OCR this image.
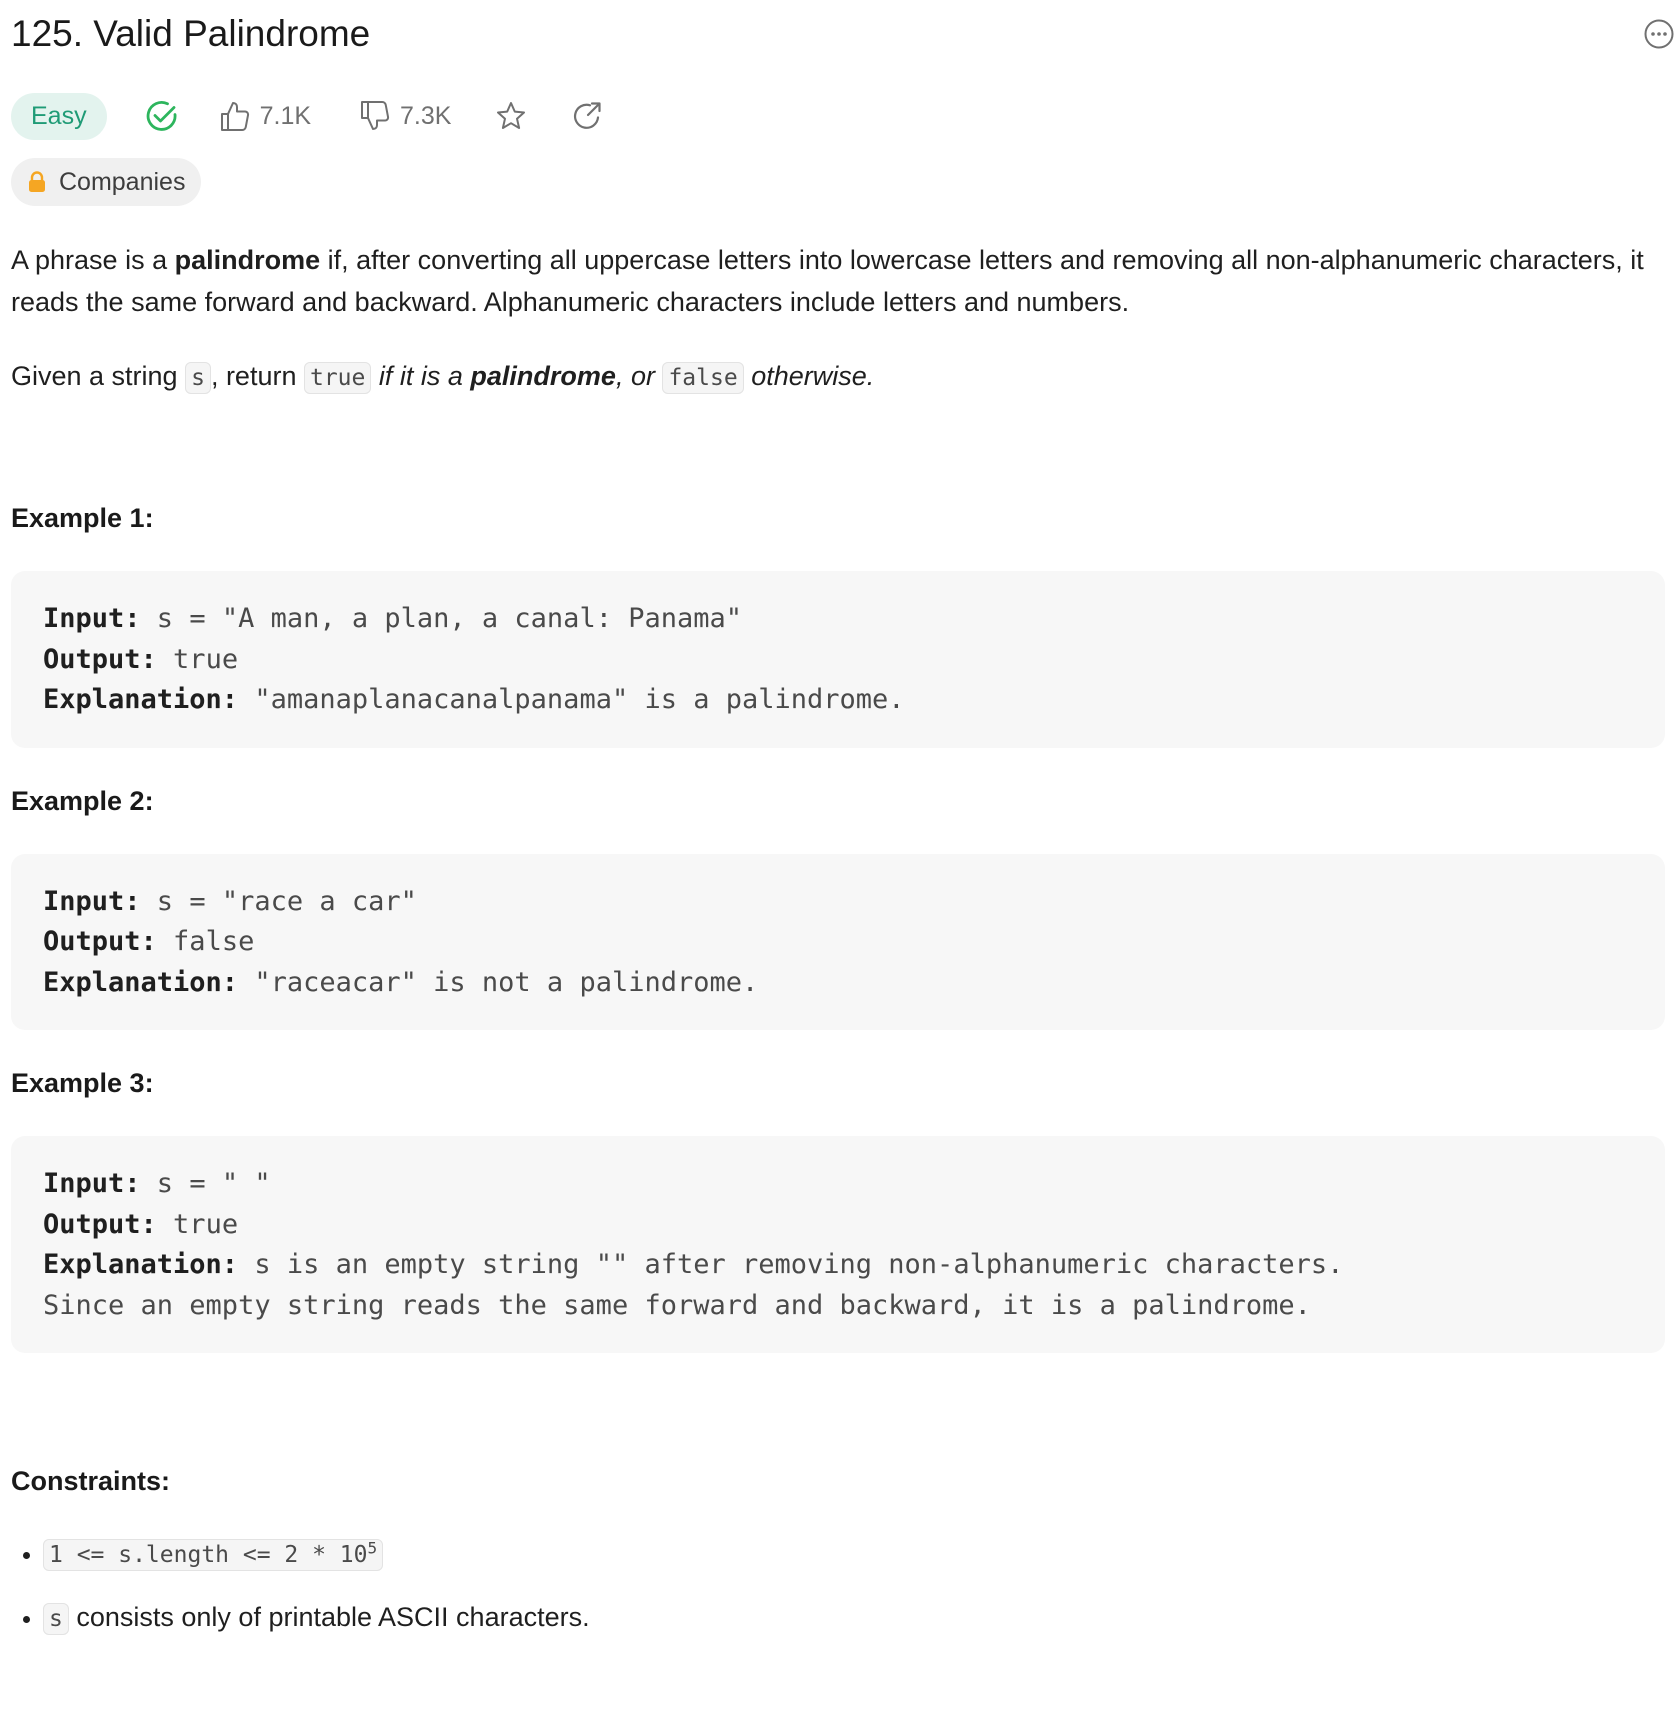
125. Valid Palindrome
Easy	7.1K	7.3K
Companies

A phrase is a palindrome if, after converting all uppercase letters into lowercase letters and removing all non-alphanumeric characters, it reads the same forward and backward. Alphanumeric characters include letters and numbers.

Given a string s , return true if it is a palindrome, or false otherwise.

Example 1:

Input: s = "A man, a plan, a canal: Panama"
Output: true
Explanation: "amanaplanacanalpanama" is a palindrome.

Example 2:

Input: s = "race a car"
Output: false
Explanation: "raceacar" is not a palindrome.

Example 3:

Input: s = " "
Output: true
Explanation: s is an empty string "" after removing non-alphanumeric characters.
Since an empty string reads the same forward and backward, it is a palindrome.
Constraints:
• 1 <= s.length <= $2 * 10^5$
• s consists only of printable ASCII characters.
